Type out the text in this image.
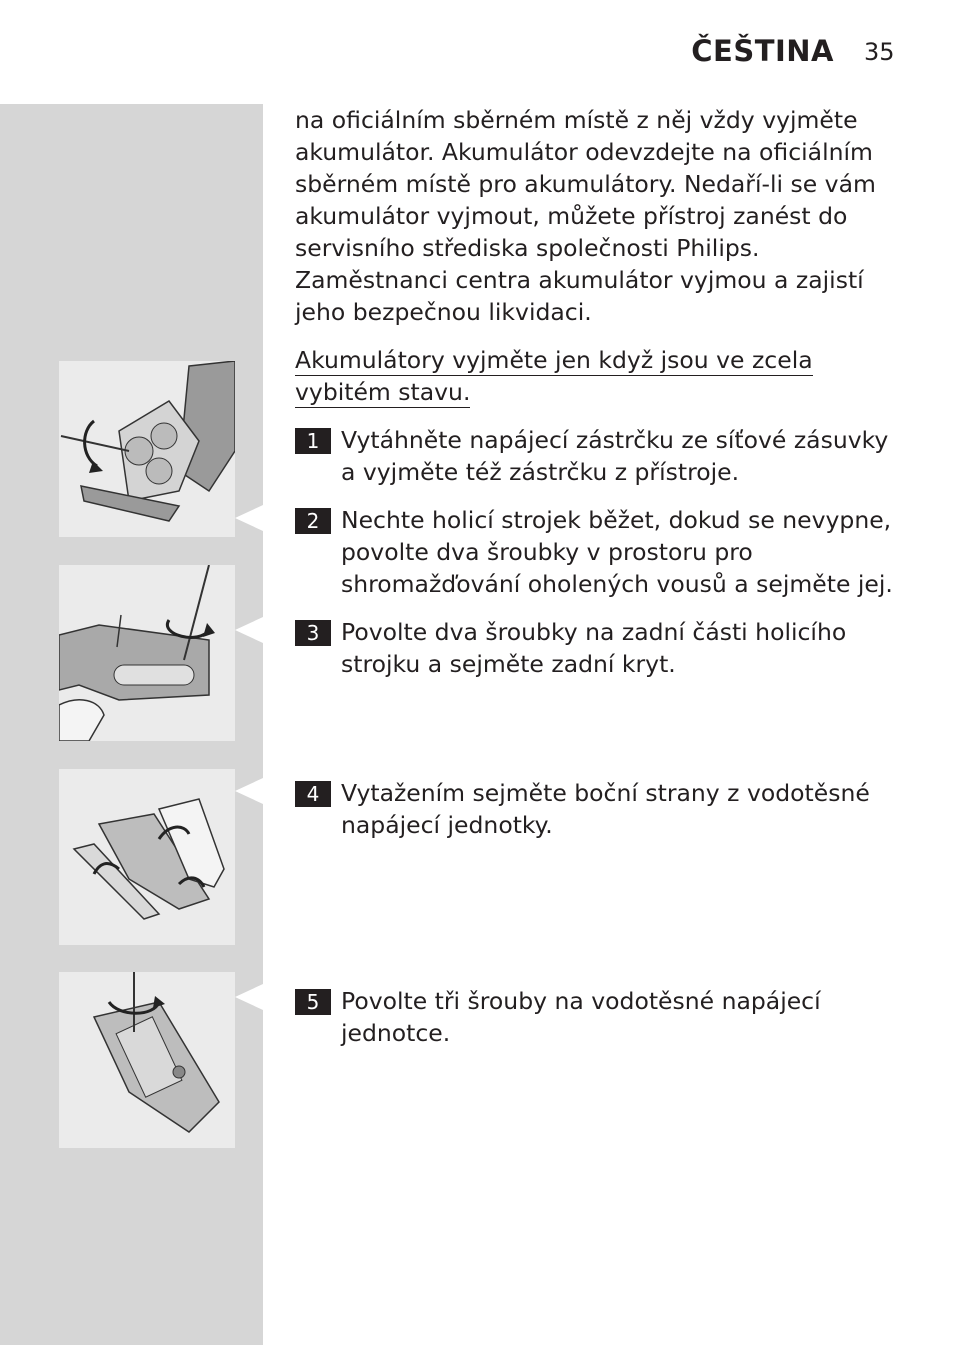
ČEŠTINA 35
na oficiálním sběrném místě z něj vždy vyjměte akumulátor. Akumulátor odevzdejte na oficiálním sběrném místě pro akumulátory. Nedaří-li se vám akumulátor vyjmout, můžete přístroj zanést do servisního střediska společnosti Philips. Zaměstnanci centra akumulátor vyjmou a zajistí jeho bezpečnou likvidaci.
Akumulátory vyjměte jen když jsou ve zcela
vybitém stavu.
1 Vytáhněte napájecí zástrčku ze síťové zásuvky a vyjměte též zástrčku z přístroje.
2 Nechte holicí strojek běžet, dokud se nevypne, povolte dva šroubky v prostoru pro shromažďování oholených vousů a sejměte jej.
3 Povolte dva šroubky na zadní části holicího strojku a sejměte zadní kryt.
4 Vytažením sejměte boční strany z vodotěsné napájecí jednotky.
5 Povolte tři šrouby na vodotěsné napájecí jednotce.
